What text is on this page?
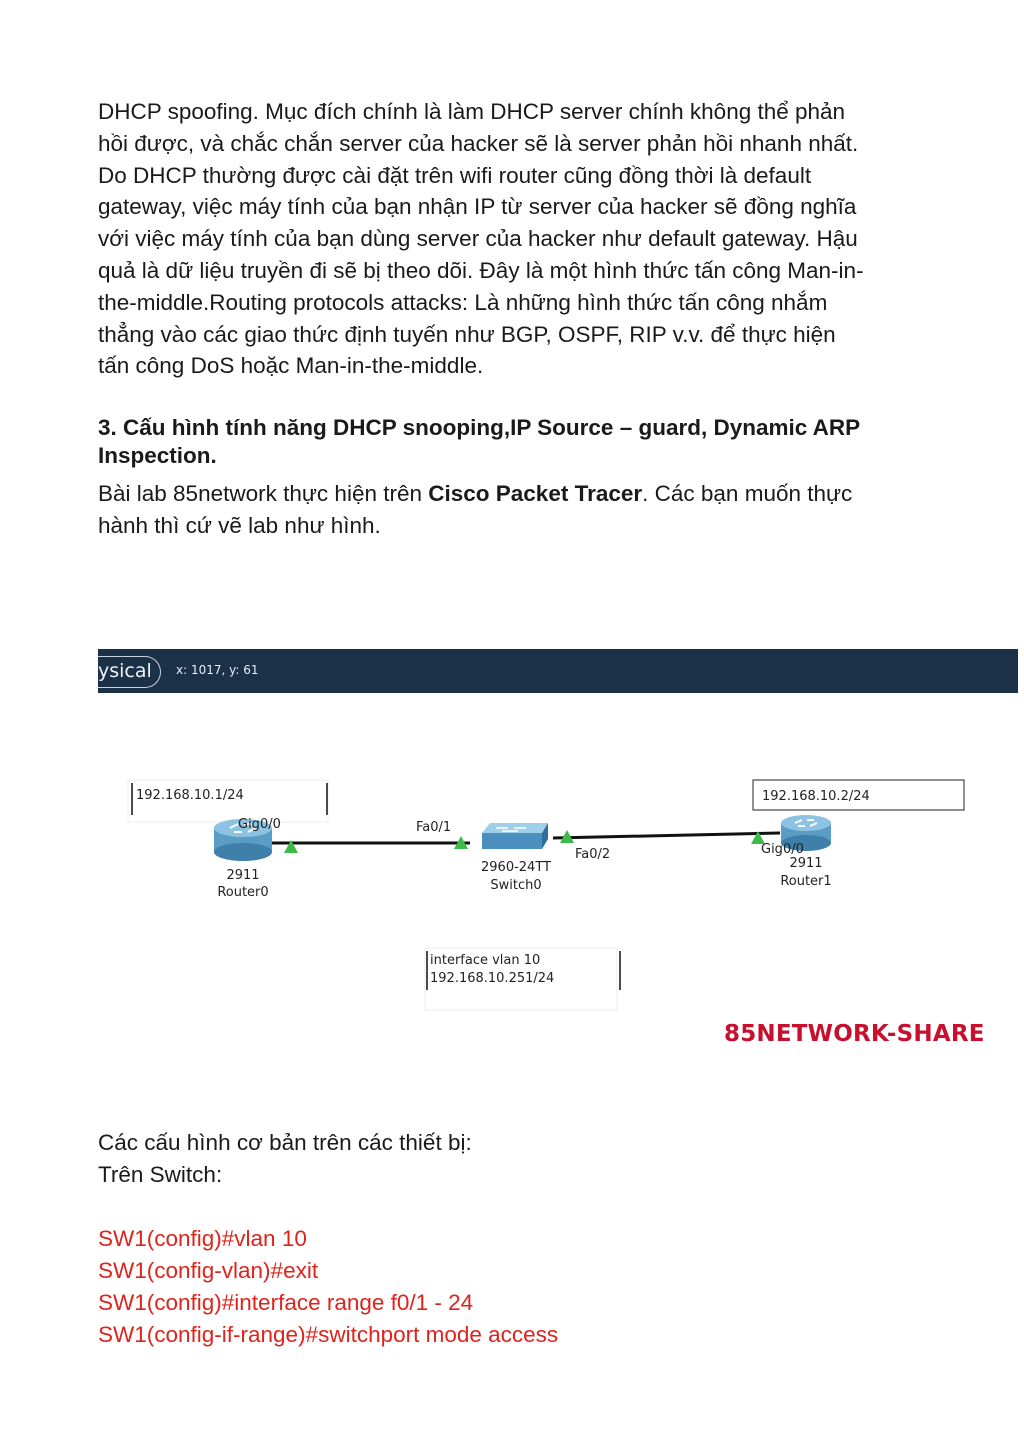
DHCP spoofing. Mục đích chính là làm DHCP server chính không thể phản
hồi được, và chắc chắn server của hacker sẽ là server phản hồi nhanh nhất.
Do DHCP thường được cài đặt trên wifi router cũng đồng thời là default
gateway, việc máy tính của bạn nhận IP từ server của hacker sẽ đồng nghĩa
với việc máy tính của bạn dùng server của hacker như default gateway. Hậu
quả là dữ liệu truyền đi sẽ bị theo dõi. Đây là một hình thức tấn công Man-in-
the-middle.Routing protocols attacks: Là những hình thức tấn công nhắm
thẳng vào các giao thức định tuyến như BGP, OSPF, RIP v.v. để thực hiện
tấn công DoS hoặc Man-in-the-middle.

3. Cấu hình tính năng DHCP snooping,IP Source – guard, Dynamic ARP Inspection.

Bài lab 85network thực hiện trên Cisco Packet Tracer. Các bạn muốn thực
hành thì cứ vẽ lab như hình.

ysical	x: 1017, y: 61
192.168.10.1/24
Gig0/0
2911
Router0
Fa0/1
Fa0/2
2960-24TT
Switch0
interface vlan 10
192.168.10.251/24
192.168.10.2/24
Gig0/0
2911
Router1
85NETWORK-SHARE

Các cấu hình cơ bản trên các thiết bị:
Trên Switch:

SW1(config)#vlan 10
SW1(config-vlan)#exit
SW1(config)#interface range f0/1 - 24
SW1(config-if-range)#switchport mode access
